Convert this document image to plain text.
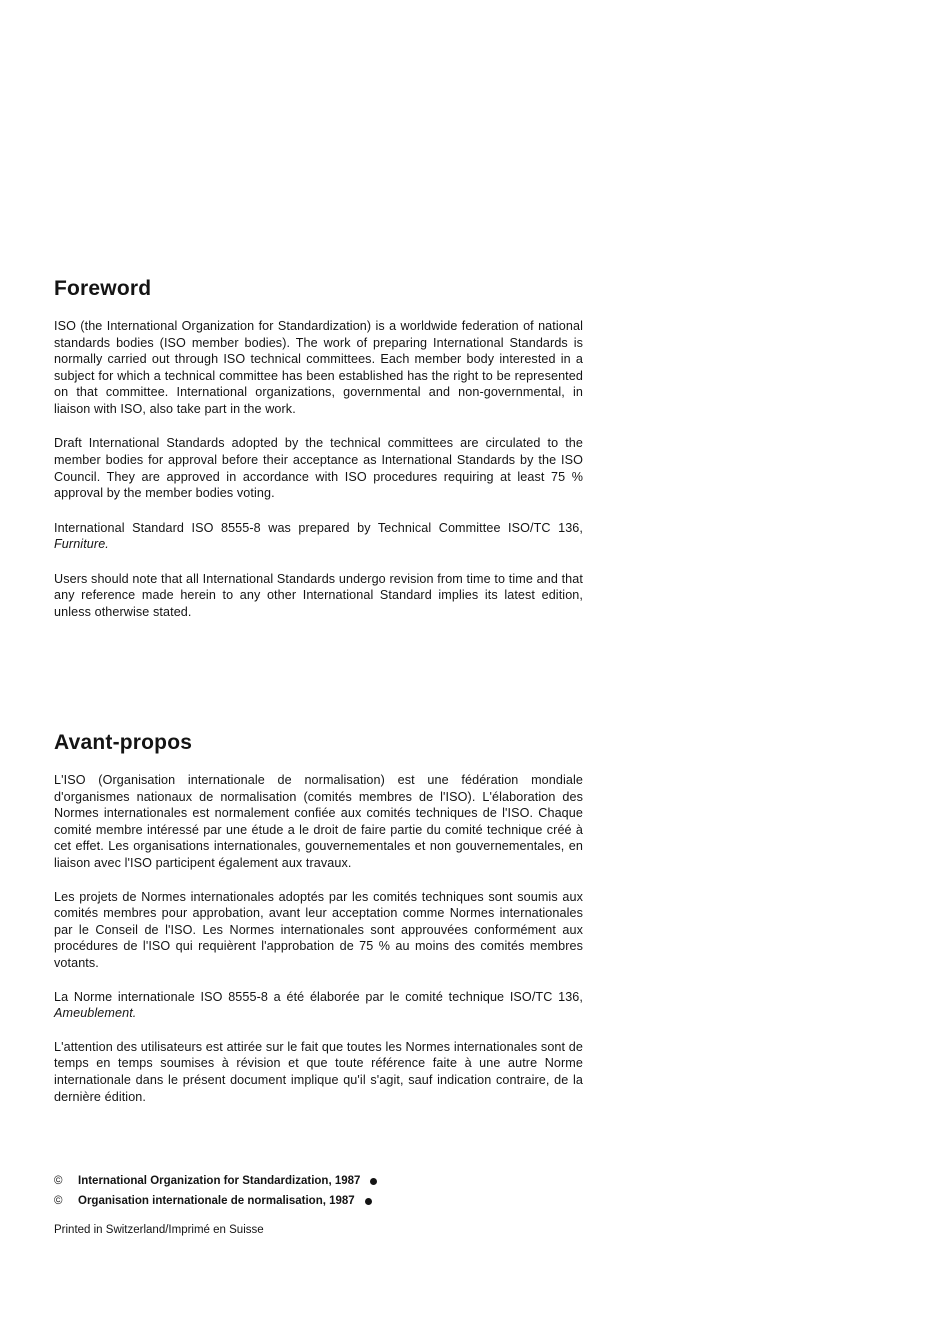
Foreword

ISO (the International Organization for Standardization) is a worldwide federation of national standards bodies (ISO member bodies). The work of preparing International Standards is normally carried out through ISO technical committees. Each member body interested in a subject for which a technical committee has been established has the right to be represented on that committee. International organizations, governmental and non-governmental, in liaison with ISO, also take part in the work.

Draft International Standards adopted by the technical committees are circulated to the member bodies for approval before their acceptance as International Standards by the ISO Council. They are approved in accordance with ISO procedures requiring at least 75 % approval by the member bodies voting.

International Standard ISO 8555-8 was prepared by Technical Committee ISO/TC 136, Furniture.

Users should note that all International Standards undergo revision from time to time and that any reference made herein to any other International Standard implies its latest edition, unless otherwise stated.

Avant-propos

L'ISO (Organisation internationale de normalisation) est une fédération mondiale d'organismes nationaux de normalisation (comités membres de l'ISO). L'élaboration des Normes internationales est normalement confiée aux comités techniques de l'ISO. Chaque comité membre intéressé par une étude a le droit de faire partie du comité technique créé à cet effet. Les organisations internationales, gouvernementales et non gouvernementales, en liaison avec l'ISO participent également aux travaux.

Les projets de Normes internationales adoptés par les comités techniques sont soumis aux comités membres pour approbation, avant leur acceptation comme Normes internationales par le Conseil de l'ISO. Les Normes internationales sont approuvées conformément aux procédures de l'ISO qui requièrent l'approbation de 75 % au moins des comités membres votants.

La Norme internationale ISO 8555-8 a été élaborée par le comité technique ISO/TC 136, Ameublement.

L'attention des utilisateurs est attirée sur le fait que toutes les Normes internationales sont de temps en temps soumises à révision et que toute référence faite à une autre Norme internationale dans le présent document implique qu'il s'agit, sauf indication contraire, de la dernière édition.

©	International Organization for Standardization, 1987
©	Organisation internationale de normalisation, 1987
Printed in Switzerland/Imprimé en Suisse
